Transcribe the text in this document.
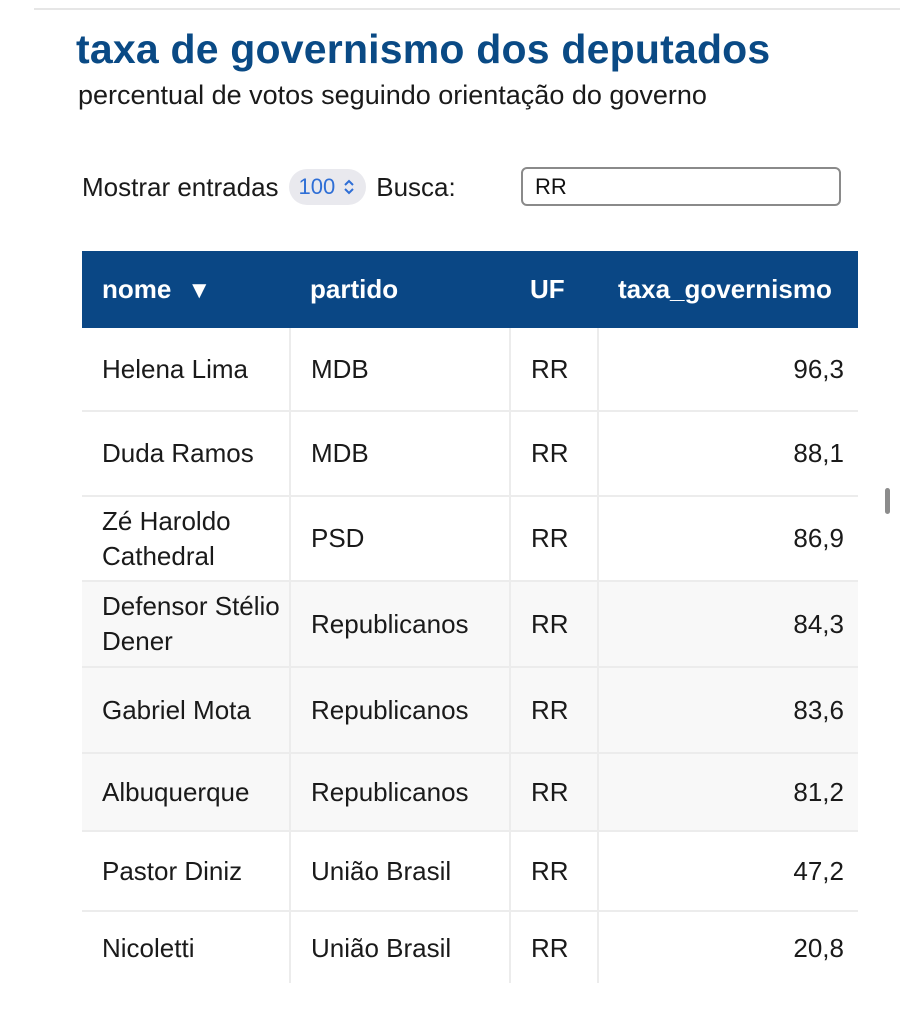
taxa de governismo dos deputados
percentual de votos seguindo orientação do governo
Mostrar entradas 100 Busca:
RR
nome ▼	partido	UF	taxa_governismo
Helena Lima	MDB	RR	96,3
Duda Ramos	MDB	RR	88,1
Zé Haroldo Cathedral	PSD	RR	86,9
Defensor Stélio Dener	Republicanos	RR	84,3
Gabriel Mota	Republicanos	RR	83,6
Albuquerque	Republicanos	RR	81,2
Pastor Diniz	União Brasil	RR	47,2
Nicoletti	União Brasil	RR	20,8
